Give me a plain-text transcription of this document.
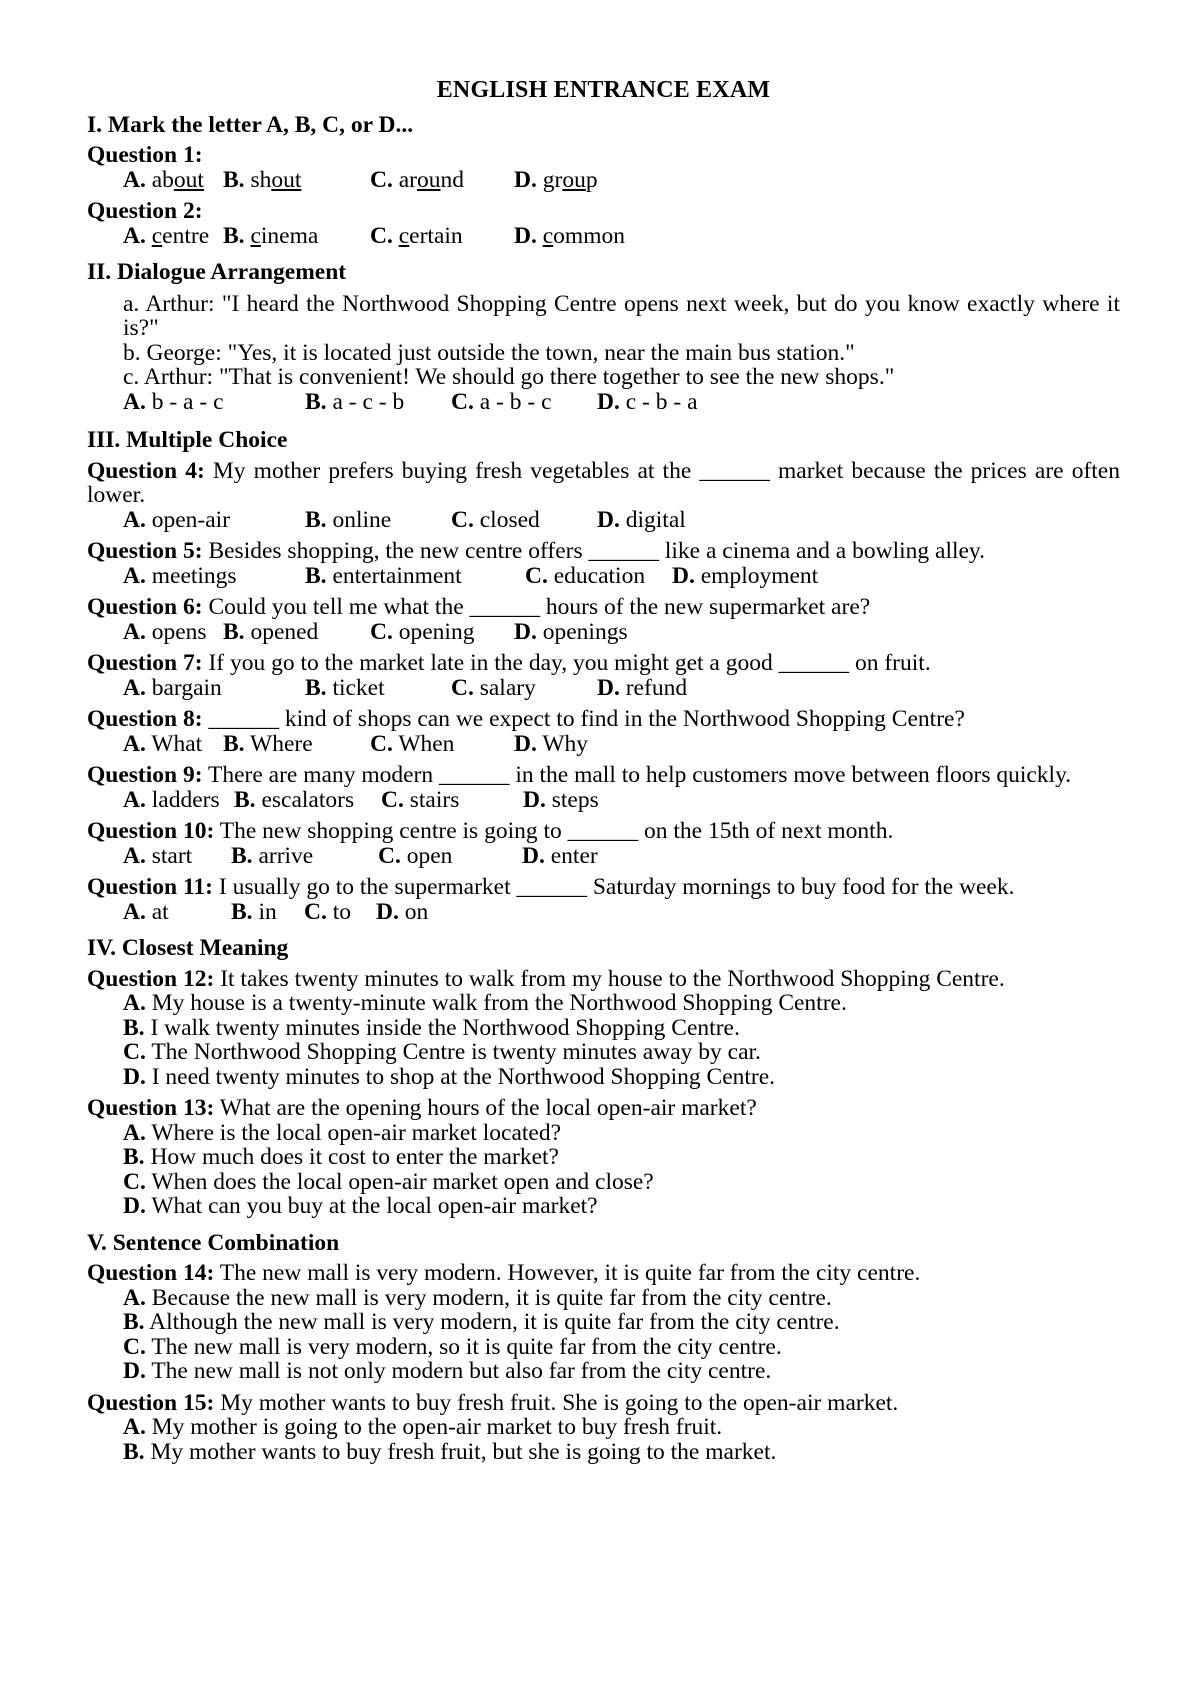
ENGLISH ENTRANCE EXAM
I. Mark the letter A, B, C, or D...
Question 1:
A. about B. shout	C. around	D. group
Question 2:
A. centre B. cinema	C. certain	D. common
II. Dialogue Arrangement
a. Arthur: "I heard the Northwood Shopping Centre opens next week, but do you know exactly where it is?"
b. George: "Yes, it is located just outside the town, near the main bus station."
c. Arthur: "That is convenient! We should go there together to see the new shops."
A. b - a - c	B. a - c - b	C. a - b - c	D. c - b - a
III. Multiple Choice
Question 4: My mother prefers buying fresh vegetables at the ______ market because the prices are often lower.
A. open-air	B. online	C. closed	D. digital
Question 5: Besides shopping, the new centre offers ______ like a cinema and a bowling alley.
A. meetings	B. entertainment	C. education	D. employment
Question 6: Could you tell me what the ______ hours of the new supermarket are?
A. opens B. opened	C. opening	D. openings
Question 7: If you go to the market late in the day, you might get a good ______ on fruit.
A. bargain	B. ticket	C. salary	D. refund
Question 8: ______ kind of shops can we expect to find in the Northwood Shopping Centre?
A. What B. Where	C. When	D. Why
Question 9: There are many modern ______ in the mall to help customers move between floors quickly.
A. ladders B. escalators	C. stairs	D. steps
Question 10: The new shopping centre is going to ______ on the 15th of next month.
A. start	B. arrive	C. open	D. enter
Question 11: I usually go to the supermarket ______ Saturday mornings to buy food for the week.
A. at	B. in	C. to	D. on
IV. Closest Meaning
Question 12: It takes twenty minutes to walk from my house to the Northwood Shopping Centre.
A. My house is a twenty-minute walk from the Northwood Shopping Centre.
B. I walk twenty minutes inside the Northwood Shopping Centre.
C. The Northwood Shopping Centre is twenty minutes away by car.
D. I need twenty minutes to shop at the Northwood Shopping Centre.
Question 13: What are the opening hours of the local open-air market?
A. Where is the local open-air market located?
B. How much does it cost to enter the market?
C. When does the local open-air market open and close?
D. What can you buy at the local open-air market?
V. Sentence Combination
Question 14: The new mall is very modern. However, it is quite far from the city centre.
A. Because the new mall is very modern, it is quite far from the city centre.
B. Although the new mall is very modern, it is quite far from the city centre.
C. The new mall is very modern, so it is quite far from the city centre.
D. The new mall is not only modern but also far from the city centre.
Question 15: My mother wants to buy fresh fruit. She is going to the open-air market.
A. My mother is going to the open-air market to buy fresh fruit.
B. My mother wants to buy fresh fruit, but she is going to the market.
